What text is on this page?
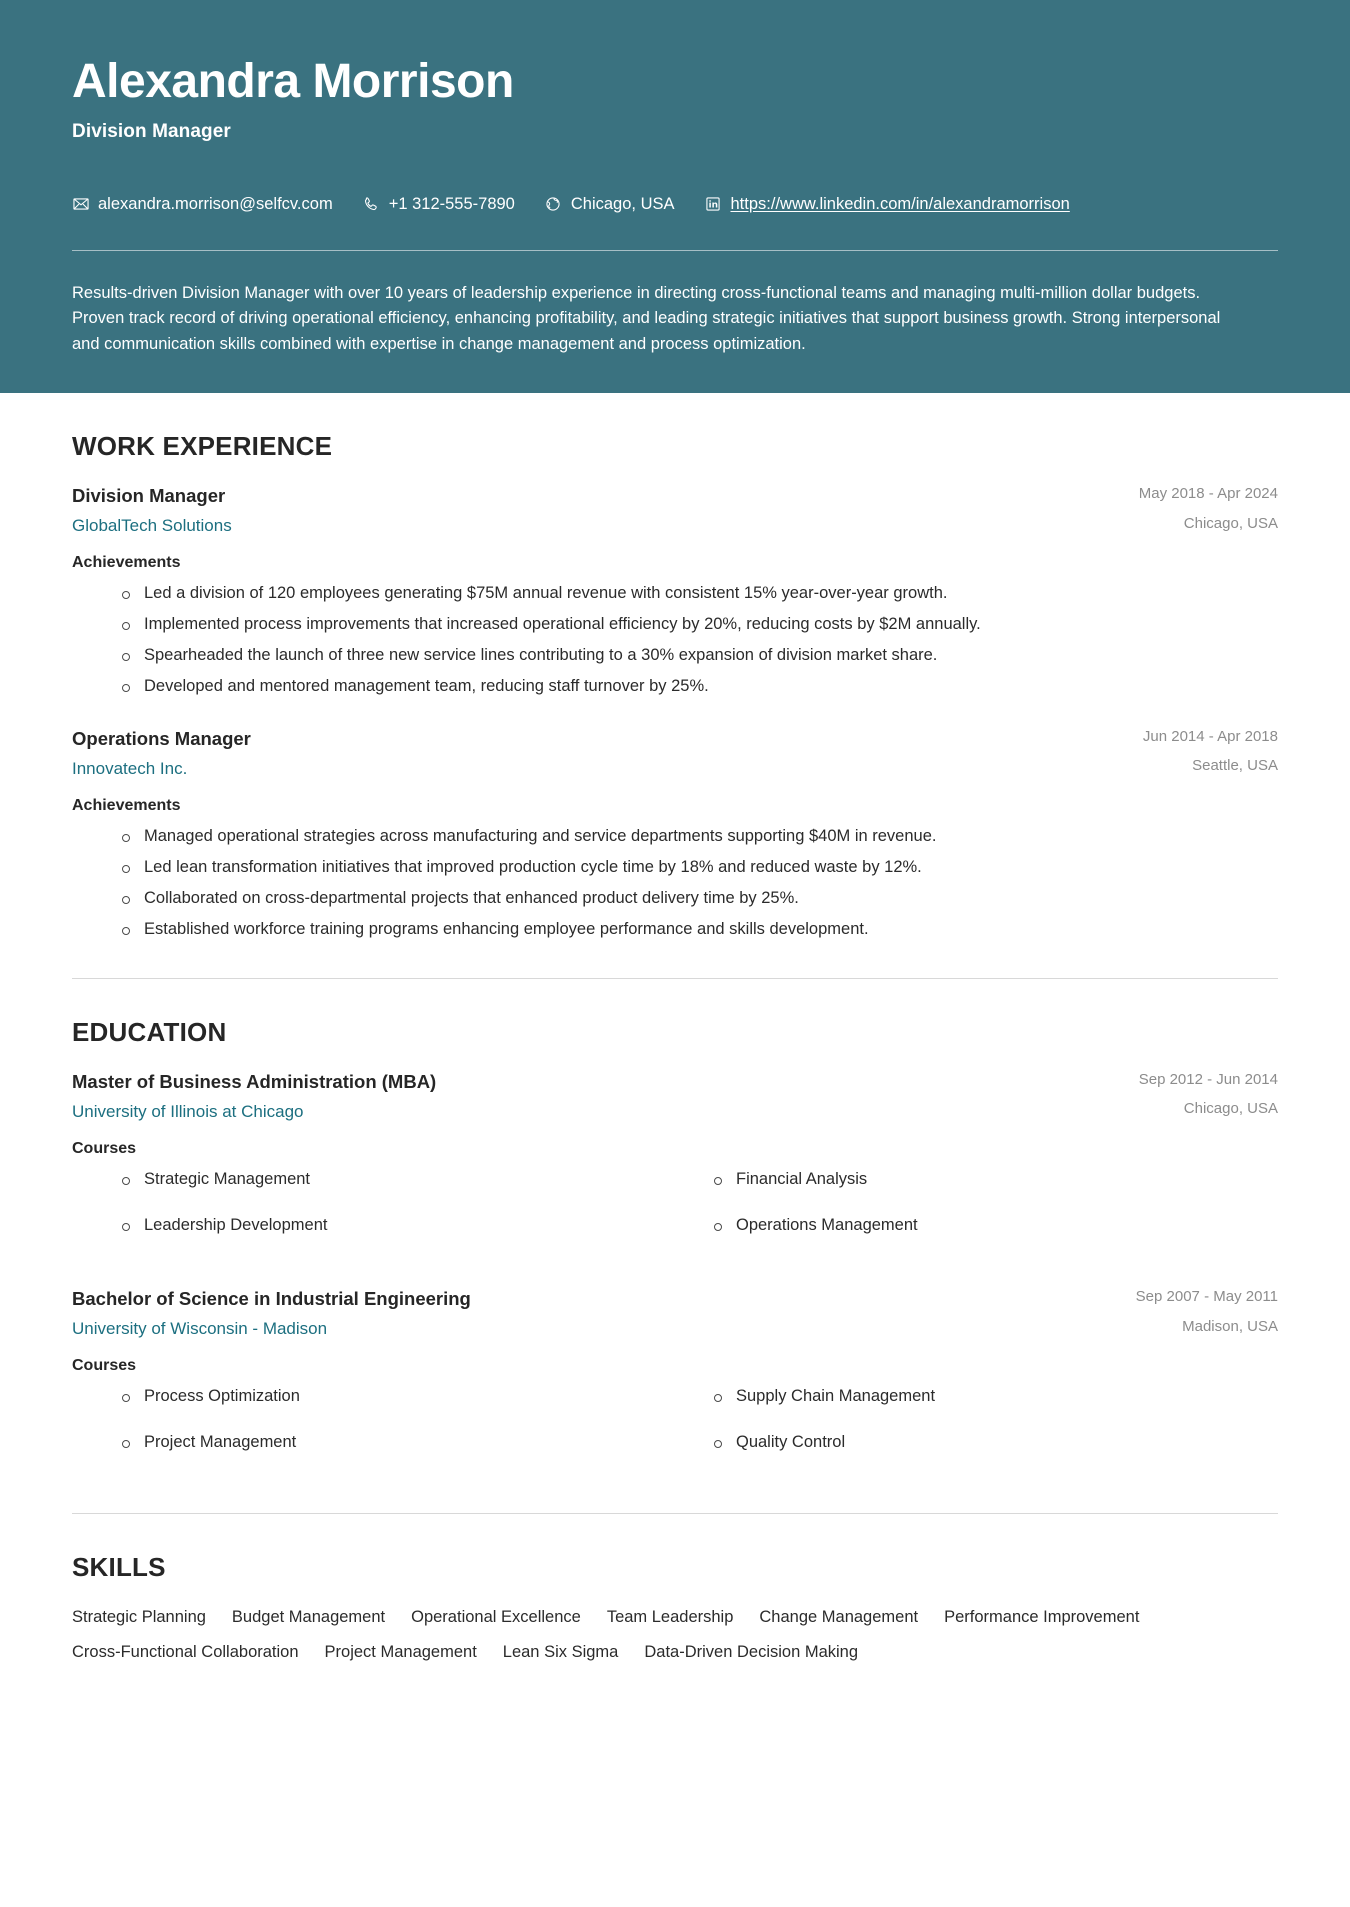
Alexandra Morrison
Division Manager
alexandra.morrison@selfcv.com	+1 312-555-7890	Chicago, USA	https://www.linkedin.com/in/alexandramorrison
Results-driven Division Manager with over 10 years of leadership experience in directing cross-functional teams and managing multi-million dollar budgets. Proven track record of driving operational efficiency, enhancing profitability, and leading strategic initiatives that support business growth. Strong interpersonal and communication skills combined with expertise in change management and process optimization.
WORK EXPERIENCE
Division Manager
GlobalTech Solutions
May 2018 - Apr 2024
Chicago, USA
Achievements
Led a division of 120 employees generating $75M annual revenue with consistent 15% year-over-year growth.
Implemented process improvements that increased operational efficiency by 20%, reducing costs by $2M annually.
Spearheaded the launch of three new service lines contributing to a 30% expansion of division market share.
Developed and mentored management team, reducing staff turnover by 25%.
Operations Manager
Innovatech Inc.
Jun 2014 - Apr 2018
Seattle, USA
Achievements
Managed operational strategies across manufacturing and service departments supporting $40M in revenue.
Led lean transformation initiatives that improved production cycle time by 18% and reduced waste by 12%.
Collaborated on cross-departmental projects that enhanced product delivery time by 25%.
Established workforce training programs enhancing employee performance and skills development.
EDUCATION
Master of Business Administration (MBA)
University of Illinois at Chicago
Sep 2012 - Jun 2014
Chicago, USA
Courses
Strategic Management	Financial Analysis
Leadership Development	Operations Management
Bachelor of Science in Industrial Engineering
University of Wisconsin - Madison
Sep 2007 - May 2011
Madison, USA
Courses
Process Optimization	Supply Chain Management
Project Management	Quality Control
SKILLS
Strategic Planning Budget Management Operational Excellence Team Leadership Change Management Performance Improvement
Cross-Functional Collaboration Project Management Lean Six Sigma Data-Driven Decision Making
